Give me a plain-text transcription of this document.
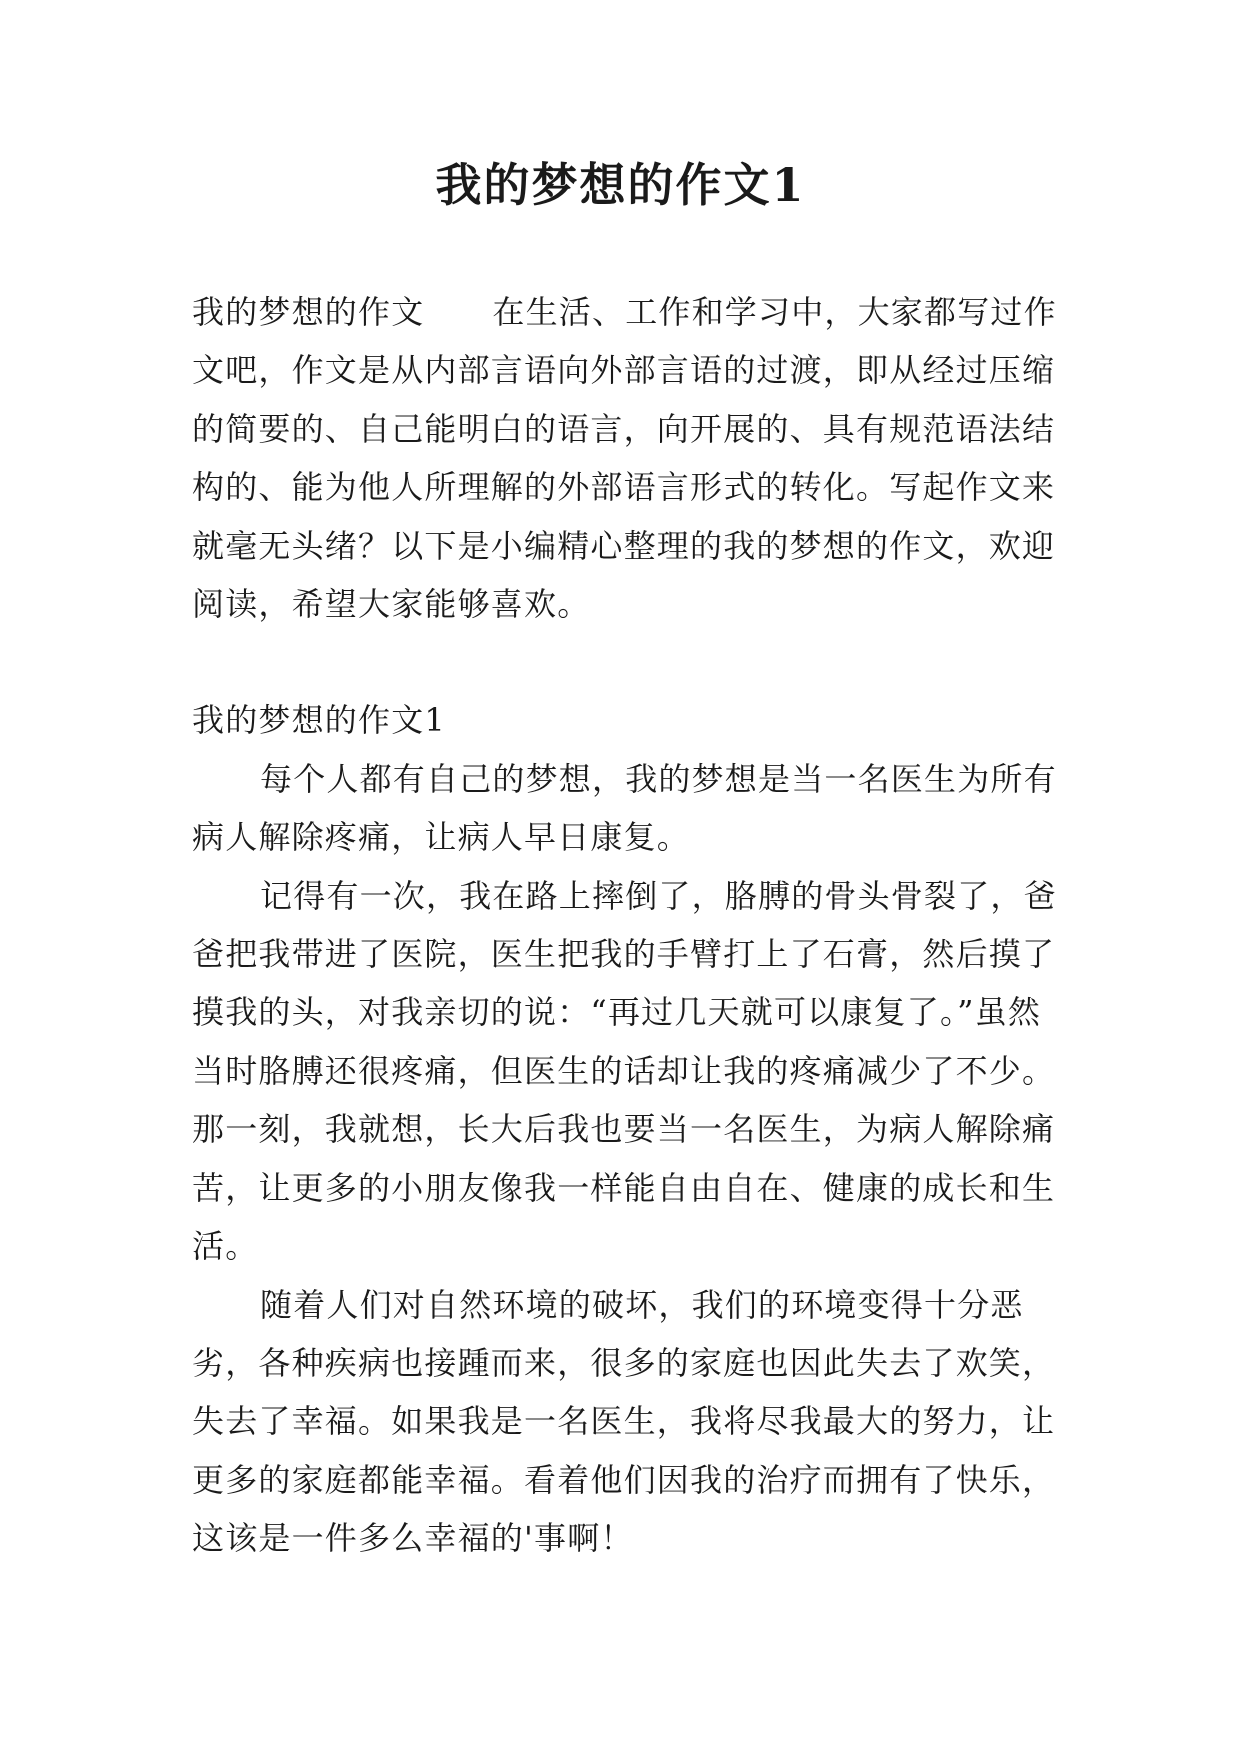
我的梦想的作文1

我的梦想的作文 在生活、工作和学习中，大家都写过作文吧，作文是从内部言语向外部言语的过渡，即从经过压缩的简要的、自己能明白的语言，向开展的、具有规范语法结构的、能为他人所理解的外部语言形式的转化。写起作文来就毫无头绪？以下是小编精心整理的我的梦想的作文，欢迎阅读，希望大家能够喜欢。

我的梦想的作文1

每个人都有自己的梦想，我的梦想是当一名医生为所有病人解除疼痛，让病人早日康复。

记得有一次，我在路上摔倒了，胳膊的骨头骨裂了，爸爸把我带进了医院，医生把我的手臂打上了石膏，然后摸了摸我的头，对我亲切的说：“再过几天就可以康复了。”虽然当时胳膊还很疼痛，但医生的话却让我的疼痛减少了不少。那一刻，我就想，长大后我也要当一名医生，为病人解除痛苦，让更多的小朋友像我一样能自由自在、健康的成长和生活。

随着人们对自然环境的破坏，我们的环境变得十分恶劣，各种疾病也接踵而来，很多的家庭也因此失去了欢笑，失去了幸福。如果我是一名医生，我将尽我最大的努力，让更多的家庭都能幸福。看着他们因我的治疗而拥有了快乐，这该是一件多么幸福的'事啊！
